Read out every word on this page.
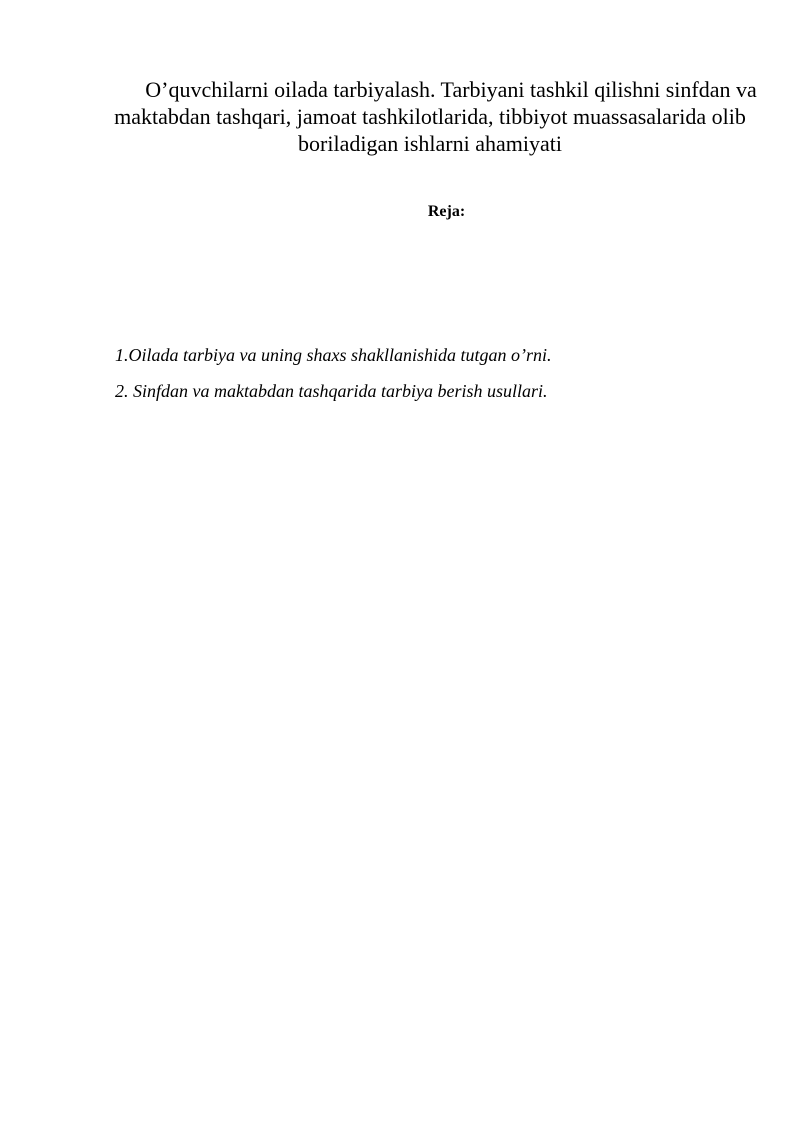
O’quvchilarni oilada tarbiyalash. Tarbiyani tashkil qilishni sinfdan va maktabdan tashqari, jamoat tashkilotlarida, tibbiyot muassasalarida olib boriladigan ishlarni ahamiyati
Reja:
1.Oilada tarbiya va uning shaxs shakllanishida tutgan o’rni.
2. Sinfdan va maktabdan tashqarida tarbiya berish usullari.
